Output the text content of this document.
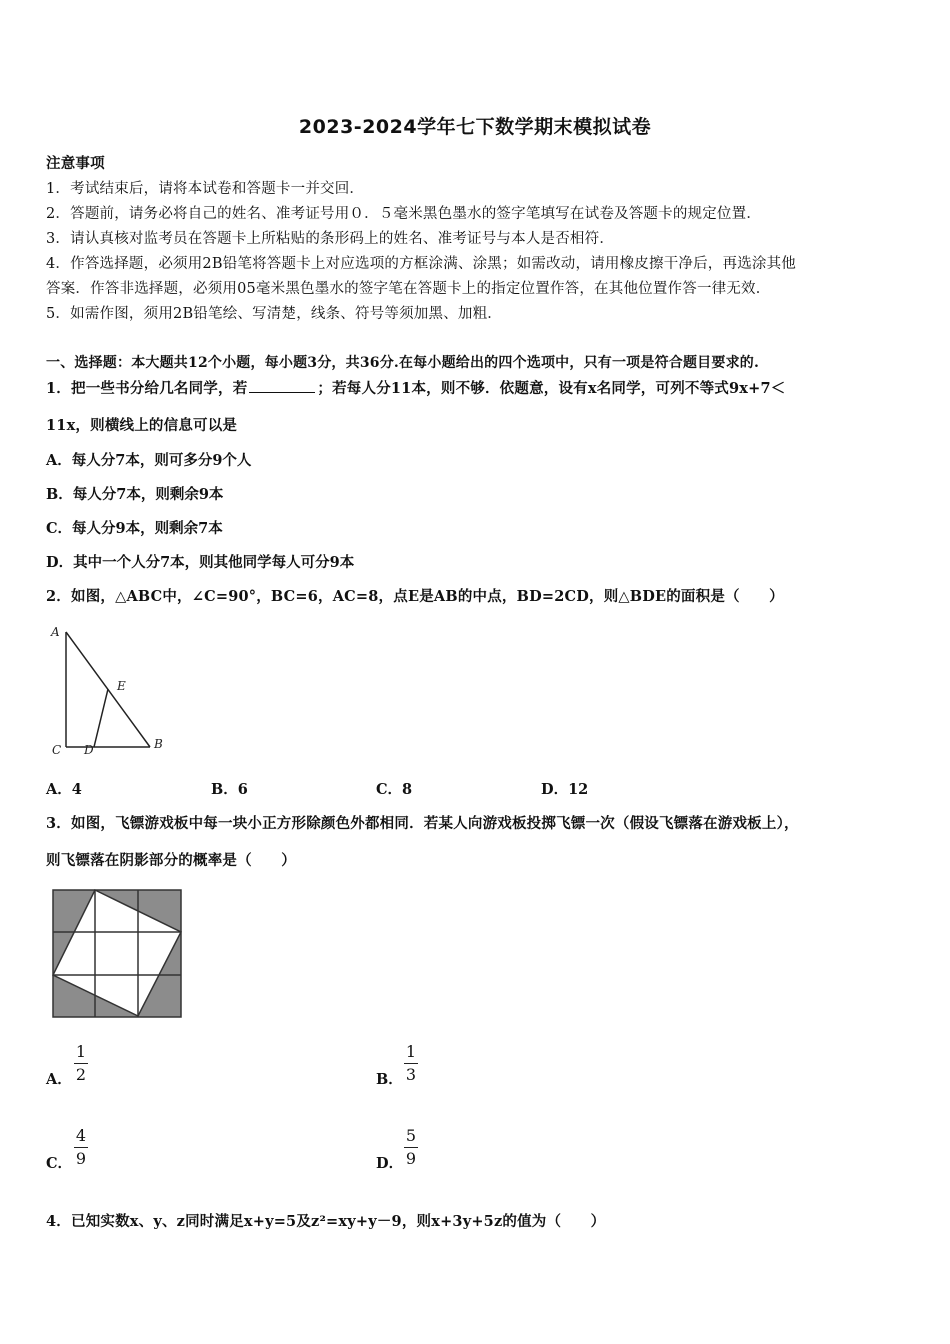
2023-2024学年七下数学期末模拟试卷
注意事项
1．考试结束后，请将本试卷和答题卡一并交回．
2．答题前，请务必将自己的姓名、准考证号用０．５毫米黑色墨水的签字笔填写在试卷及答题卡的规定位置．
3．请认真核对监考员在答题卡上所粘贴的条形码上的姓名、准考证号与本人是否相符．
4．作答选择题，必须用2B铅笔将答题卡上对应选项的方框涂满、涂黑；如需改动，请用橡皮擦干净后，再选涂其他
答案．作答非选择题，必须用05毫米黑色墨水的签字笔在答题卡上的指定位置作答，在其他位置作答一律无效．
5．如需作图，须用2B铅笔绘、写清楚，线条、符号等须加黑、加粗．
一、选择题：本大题共12个小题，每小题3分，共36分.在每小题给出的四个选项中，只有一项是符合题目要求的.
1．把一些书分给几名同学，若	；若每人分11本，则不够．依题意，设有x名同学，可列不等式9x+7＜
11x，则横线上的信息可以是
A．每人分7本，则可多分9个人
B．每人分7本，则剩余9本
C．每人分9本，则剩余7本
D．其中一个人分7本，则其他同学每人可分9本
2．如图，△ABC中，∠C=90°，BC=6，AC=8，点E是AB的中点，BD=2CD，则△BDE的面积是（　　）
A
E
C D	B
A．4	B．6	C．8	D．12
3．如图，飞镖游戏板中每一块小正方形除颜色外都相同．若某人向游戏板投掷飞镖一次（假设飞镖落在游戏板上），
则飞镖落在阴影部分的概率是（　　）
A．
1
2	B．
1
3
C．
4
9	D．
5
9
4．已知实数x、y、z同时满足x+y=5及z²=xy+y－9，则x+3y+5z的值为（　　）
